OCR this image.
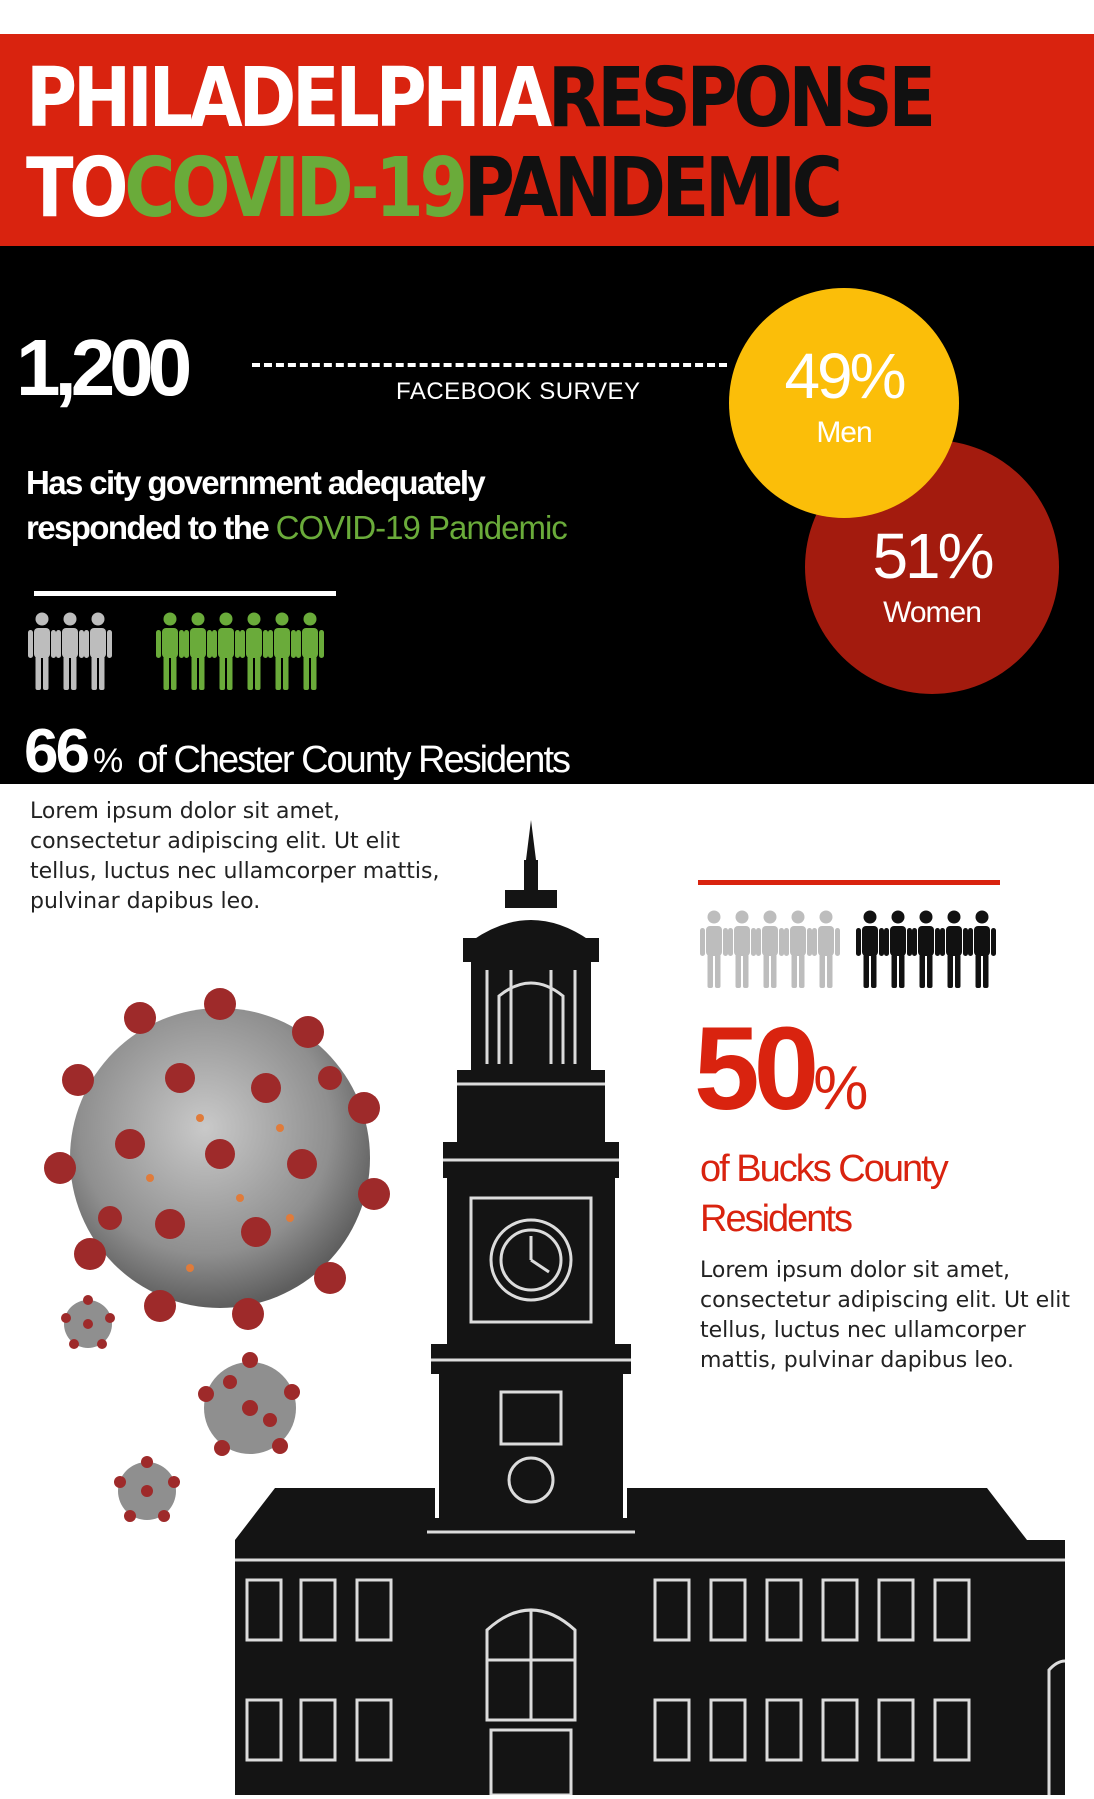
PHILADELPHIARESPONSE
TOCOVID-19PANDEMIC
1,200	FACEBOOK SURVEY
Has city government adequately
responded to the COVID-19 Pandemic
49%
Men
51%
Women
66 % of Chester County Residents
Lorem ipsum dolor sit amet, consectetur adipiscing elit. Ut elit tellus, luctus nec ullamcorper mattis, pulvinar dapibus leo.
50%
of Bucks County Residents
Lorem ipsum dolor sit amet, consectetur adipiscing elit. Ut elit tellus, luctus nec ullamcorper mattis, pulvinar dapibus leo.
